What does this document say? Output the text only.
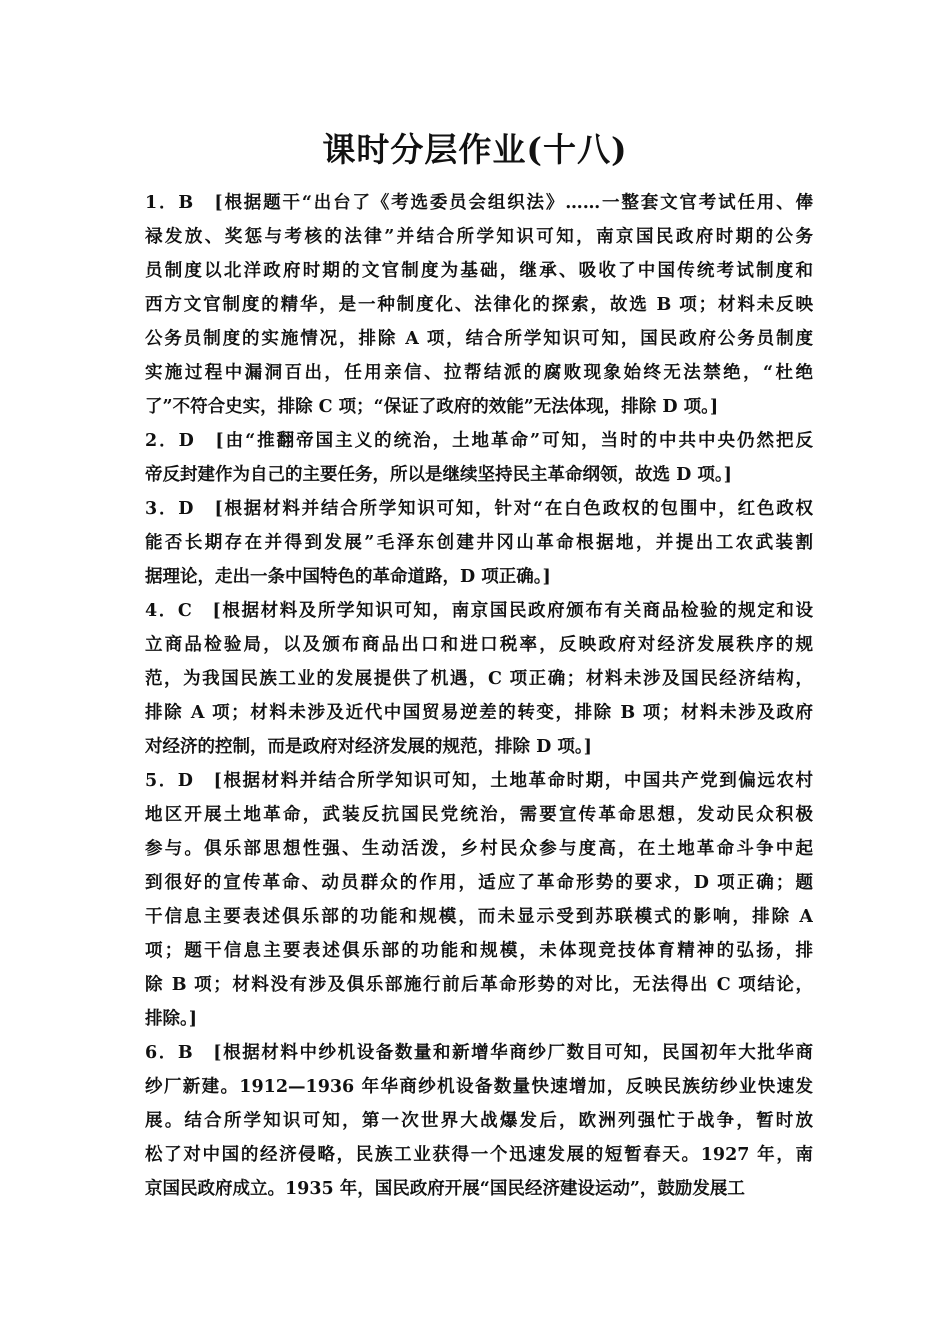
课时分层作业(十八)
1．B　[根据题干“出台了《考选委员会组织法》……一整套文官考试任用、俸
禄发放、奖惩与考核的法律”并结合所学知识可知，南京国民政府时期的公务
员制度以北洋政府时期的文官制度为基础，继承、吸收了中国传统考试制度和
西方文官制度的精华，是一种制度化、法律化的探索，故选 B 项；材料未反映
公务员制度的实施情况，排除 A 项，结合所学知识可知，国民政府公务员制度
实施过程中漏洞百出，任用亲信、拉帮结派的腐败现象始终无法禁绝，“杜绝
了”不符合史实，排除 C 项；“保证了政府的效能”无法体现，排除 D 项。]
2．D　[由“推翻帝国主义的统治，土地革命”可知，当时的中共中央仍然把反
帝反封建作为自己的主要任务，所以是继续坚持民主革命纲领，故选 D 项。]
3．D　[根据材料并结合所学知识可知，针对“在白色政权的包围中，红色政权
能否长期存在并得到发展”毛泽东创建井冈山革命根据地，并提出工农武装割
据理论，走出一条中国特色的革命道路，D 项正确。]
4．C　[根据材料及所学知识可知，南京国民政府颁布有关商品检验的规定和设
立商品检验局，以及颁布商品出口和进口税率，反映政府对经济发展秩序的规
范，为我国民族工业的发展提供了机遇，C 项正确；材料未涉及国民经济结构，
排除 A 项；材料未涉及近代中国贸易逆差的转变，排除 B 项；材料未涉及政府
对经济的控制，而是政府对经济发展的规范，排除 D 项。]
5．D　[根据材料并结合所学知识可知，土地革命时期，中国共产党到偏远农村
地区开展土地革命，武装反抗国民党统治，需要宣传革命思想，发动民众积极
参与。俱乐部思想性强、生动活泼，乡村民众参与度高，在土地革命斗争中起
到很好的宣传革命、动员群众的作用，适应了革命形势的要求，D 项正确；题
干信息主要表述俱乐部的功能和规模，而未显示受到苏联模式的影响，排除 A
项；题干信息主要表述俱乐部的功能和规模，未体现竞技体育精神的弘扬，排
除 B 项；材料没有涉及俱乐部施行前后革命形势的对比，无法得出 C 项结论，
排除。]
6．B　[根据材料中纱机设备数量和新增华商纱厂数目可知，民国初年大批华商
纱厂新建。1912—1936 年华商纱机设备数量快速增加，反映民族纺纱业快速发
展。结合所学知识可知，第一次世界大战爆发后，欧洲列强忙于战争，暂时放
松了对中国的经济侵略，民族工业获得一个迅速发展的短暂春天。1927 年，南
京国民政府成立。1935 年，国民政府开展“国民经济建设运动”，鼓励发展工
